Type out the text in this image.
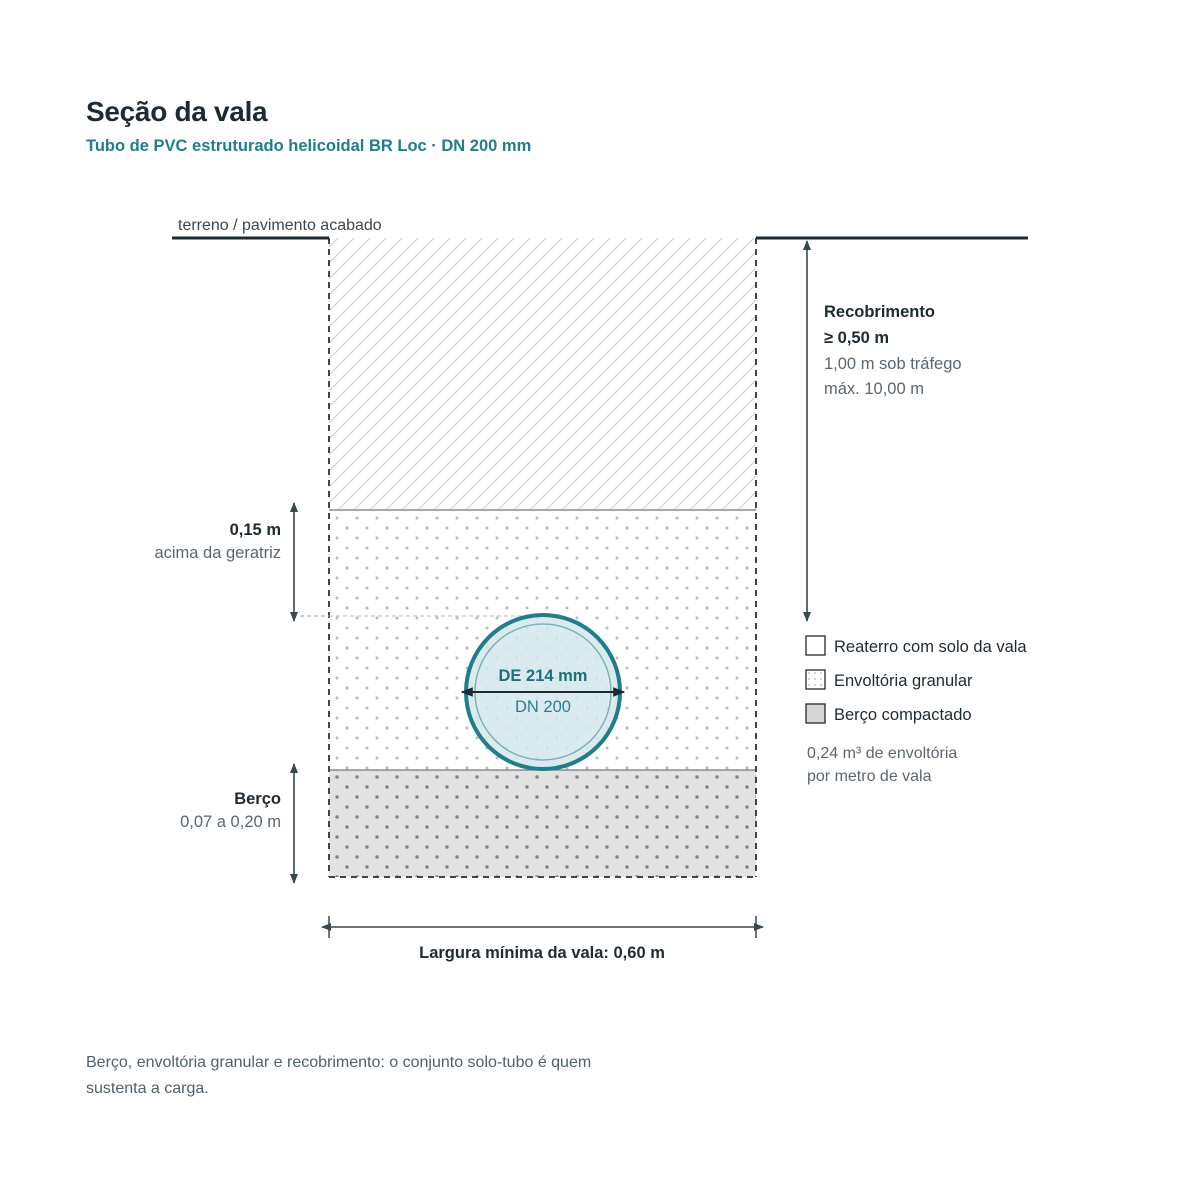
Seção da vala

Tubo de PVC estruturado helicoidal BR Loc · DN 200 mm

terreno / pavimento acabado
Recobrimento
≥ 0,50 m
1,00 m sob tráfego
máx. 10,00 m
0,15 m
acima da geratriz
Berço
0,07 a 0,20 m
DE 214 mm
DN 200
Largura mínima da vala: 0,60 m
Reaterro com solo da vala
Envoltória granular
Berço compactado
0,24 m³ de envoltória
por metro de vala

Berço, envoltória granular e recobrimento: o conjunto solo-tubo é quem sustenta a carga.
